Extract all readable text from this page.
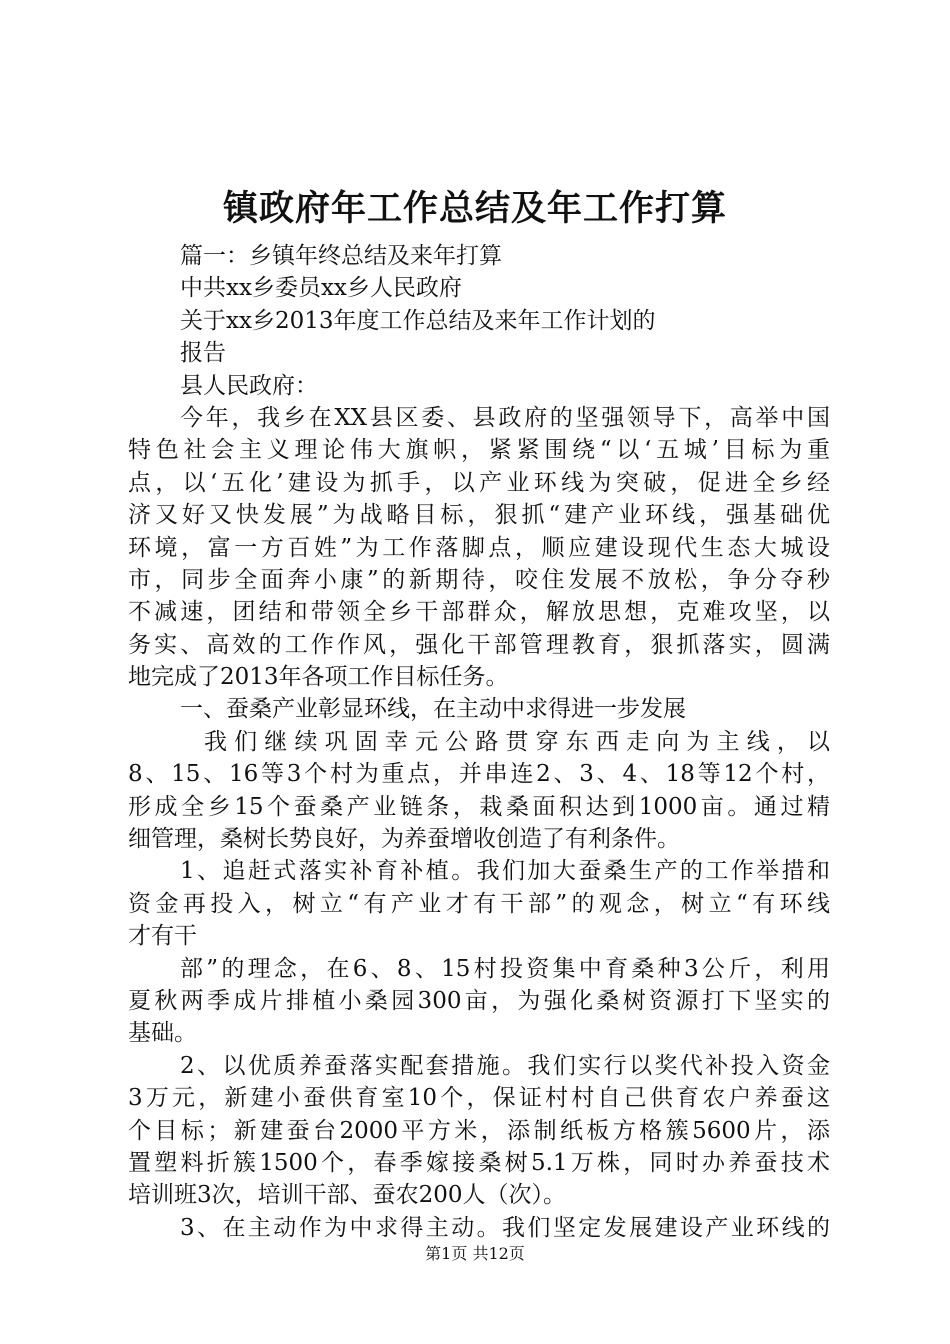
镇政府年工作总结及年工作打算

篇一：乡镇年终总结及来年打算

中共xx乡委员xx乡人民政府

关于xx乡2013年度工作总结及来年工作计划的

报告

县人民政府：

今年，我乡在XX县区委、县政府的坚强领导下，高举中国

特色社会主义理论伟大旗帜，紧紧围绕“以‘五城’目标为重

点，以‘五化’建设为抓手，以产业环线为突破，促进全乡经

济又好又快发展”为战略目标，狠抓“建产业环线，强基础优

环境，富一方百姓”为工作落脚点，顺应建设现代生态大城设

市，同步全面奔小康”的新期待，咬住发展不放松，争分夺秒

不减速，团结和带领全乡干部群众，解放思想，克难攻坚，以

务实、高效的工作作风，强化干部管理教育，狠抓落实，圆满

地完成了2013年各项工作目标任务。

一、蚕桑产业彰显环线，在主动中求得进一步发展

我们继续巩固幸元公路贯穿东西走向为主线，以

8、15、16等3个村为重点，并串连2、3、4、18等12个村，

形成全乡15个蚕桑产业链条，栽桑面积达到1000亩。通过精

细管理，桑树长势良好，为养蚕增收创造了有利条件。

1、追赶式落实补育补植。我们加大蚕桑生产的工作举措和

资金再投入，树立“有产业才有干部”的观念，树立“有环线

才有干

部”的理念，在6、8、15村投资集中育桑种3公斤，利用

夏秋两季成片排植小桑园300亩，为强化桑树资源打下坚实的

基础。

2、以优质养蚕落实配套措施。我们实行以奖代补投入资金

3万元，新建小蚕供育室10个，保证村村自己供育农户养蚕这

个目标；新建蚕台2000平方米，添制纸板方格簇5600片，添

置塑料折簇1500个，春季嫁接桑树5.1万株，同时办养蚕技术

培训班3次，培训干部、蚕农200人（次）。

3、在主动作为中求得主动。我们坚定发展建设产业环线的

第1页 共12页
